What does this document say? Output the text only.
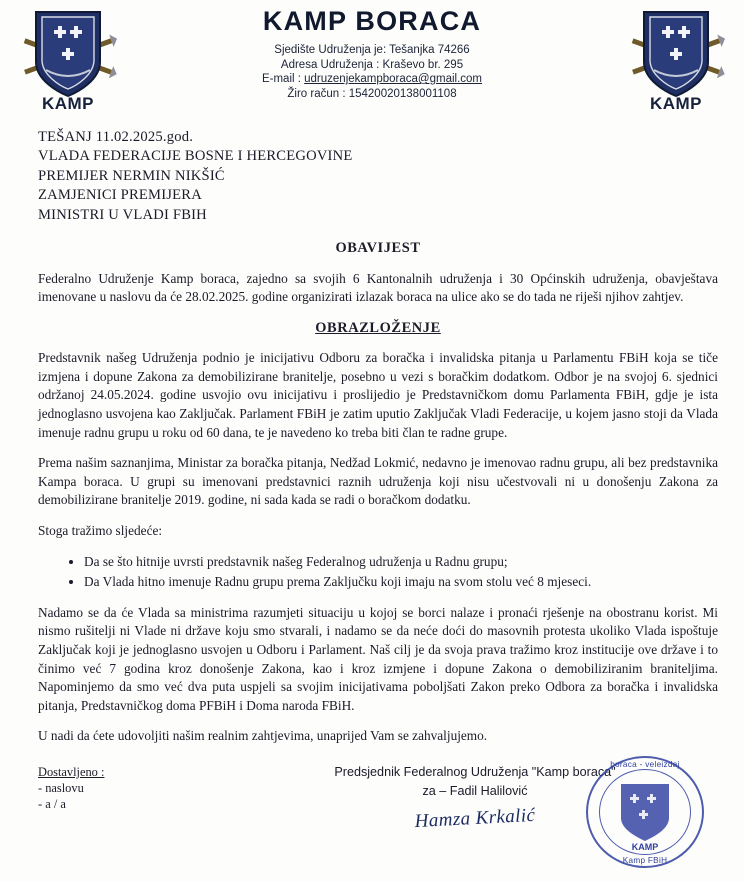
KAMP
KAMP BORACA
Sjedište Udruženja je: Tešanjka 74266
Adresa Udruženja : Kraševo br. 295
E-mail : udruzenjekampboraca@gmail.com
Žiro račun : 15420020138001108
KAMP
TEŠANJ 11.02.2025.god.
VLADA FEDERACIJE BOSNE I HERCEGOVINE
PREMIJER NERMIN NIKŠIĆ
ZAMJENICI PREMIJERA
MINISTRI U VLADI FBIH
OBAVIJEST

Federalno Udruženje Kamp boraca, zajedno sa svojih 6 Kantonalnih udruženja i 30 Općinskih udruženja, obavještava imenovane u naslovu da će 28.02.2025. godine organizirati izlazak boraca na ulice ako se do tada ne riješi njihov zahtjev.

OBRAZLOŽENJE

Predstavnik našeg Udruženja podnio je inicijativu Odboru za boračka i invalidska pitanja u Parlamentu FBiH koja se tiče izmjena i dopune Zakona za demobilizirane branitelje, posebno u vezi s boračkim dodatkom. Odbor je na svojoj 6. sjednici održanoj 24.05.2024. godine usvojio ovu inicijativu i proslijedio je Predstavničkom domu Parlamenta FBiH, gdje je ista jednoglasno usvojena kao Zaključak. Parlament FBiH je zatim uputio Zaključak Vladi Federacije, u kojem jasno stoji da Vlada imenuje radnu grupu u roku od 60 dana, te je navedeno ko treba biti član te radne grupe.

Prema našim saznanjima, Ministar za boračka pitanja, Nedžad Lokmić, nedavno je imenovao radnu grupu, ali bez predstavnika Kampa boraca. U grupi su imenovani predstavnici raznih udruženja koji nisu učestvovali ni u donošenju Zakona za demobilizirane branitelje 2019. godine, ni sada kada se radi o boračkom dodatku.

Stoga tražimo sljedeće:

• Da se što hitnije uvrsti predstavnik našeg Federalnog udruženja u Radnu grupu;
• Da Vlada hitno imenuje Radnu grupu prema Zaključku koji imaju na svom stolu već 8 mjeseci.

Nadamo se da će Vlada sa ministrima razumjeti situaciju u kojoj se borci nalaze i pronaći rješenje na obostranu korist. Mi nismo rušitelji ni Vlade ni države koju smo stvarali, i nadamo se da neće doći do masovnih protesta ukoliko Vlada ispoštuje Zaključak koji je jednoglasno usvojen u Odboru i Parlament. Naš cilj je da svoja prava tražimo kroz institucije ove države i to činimo već 7 godina kroz donošenje Zakona, kao i kroz izmjene i dopune Zakona o demobiliziranim braniteljima. Napominjemo da smo već dva puta uspjeli sa svojim inicijativama poboljšati Zakon preko Odbora za boračka i invalidska pitanja, Predstavničkog doma PFBiH i Doma naroda FBiH.

U nadi da ćete udovoljiti našim realnim zahtjevima, unaprijed Vam se zahvaljujemo.

Dostavljeno :
- naslovu
- a / a
Predsjednik Federalnog Udruženja "Kamp boraca"
za – Fadil Halilović
Hamza Krkalić
boraca - veleizdaj
Kamp FBiH
KAMP
